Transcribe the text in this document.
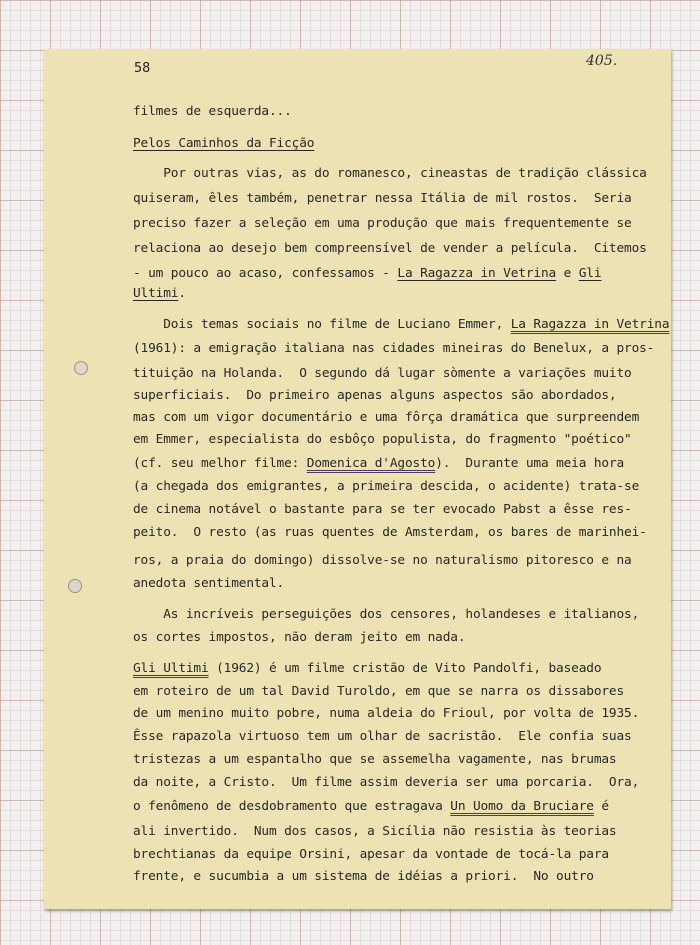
58	405.
filmes de esquerda...
Pelos Caminhos da Ficção
Por outras vias, as do romanesco, cineastas de tradição clássica
quiseram, êles também, penetrar nessa Itália de mil rostos.  Seria
preciso fazer a seleção em uma produção que mais frequentemente se
relaciona ao desejo bem compreensível de vender a película.  Citemos
- um pouco ao acaso, confessamos - La Ragazza in Vetrina e Gli
Ultimi.
Dois temas sociais no filme de Luciano Emmer, La Ragazza in Vetrina
(1961): a emigração italiana nas cidades mineiras do Benelux, a pros-
tituição na Holanda.  O segundo dá lugar sòmente a variações muito
superficiais.  Do primeiro apenas alguns aspectos são abordados,
mas com um vigor documentário e uma fôrça dramática que surpreendem
em Emmer, especialista do esbôço populista, do fragmento "poético"
(cf. seu melhor filme: Domenica d'Agosto).  Durante uma meia hora
(a chegada dos emigrantes, a primeira descida, o acidente) trata-se
de cinema notável o bastante para se ter evocado Pabst a êsse res-
peito.  O resto (as ruas quentes de Amsterdam, os bares de marinhei-
ros, a praia do domingo) dissolve-se no naturalismo pitoresco e na
anedota sentimental.
As incríveis perseguições dos censores, holandeses e italianos,
os cortes impostos, não deram jeito em nada.
Gli Ultimi (1962) é um filme cristão de Vito Pandolfi, baseado
em roteiro de um tal David Turoldo, em que se narra os dissabores
de um menino muito pobre, numa aldeia do Frioul, por volta de 1935.
Êsse rapazola virtuoso tem um olhar de sacristão.  Ele confia suas
tristezas a um espantalho que se assemelha vagamente, nas brumas
da noite, a Cristo.  Um filme assim deveria ser uma porcaria.  Ora,
o fenômeno de desdobramento que estragava Un Uomo da Bruciare é
ali invertido.  Num dos casos, a Sicília não resistia às teorias
brechtianas da equipe Orsini, apesar da vontade de tocá-la para
frente, e sucumbia a um sistema de idéias a priori.  No outro
